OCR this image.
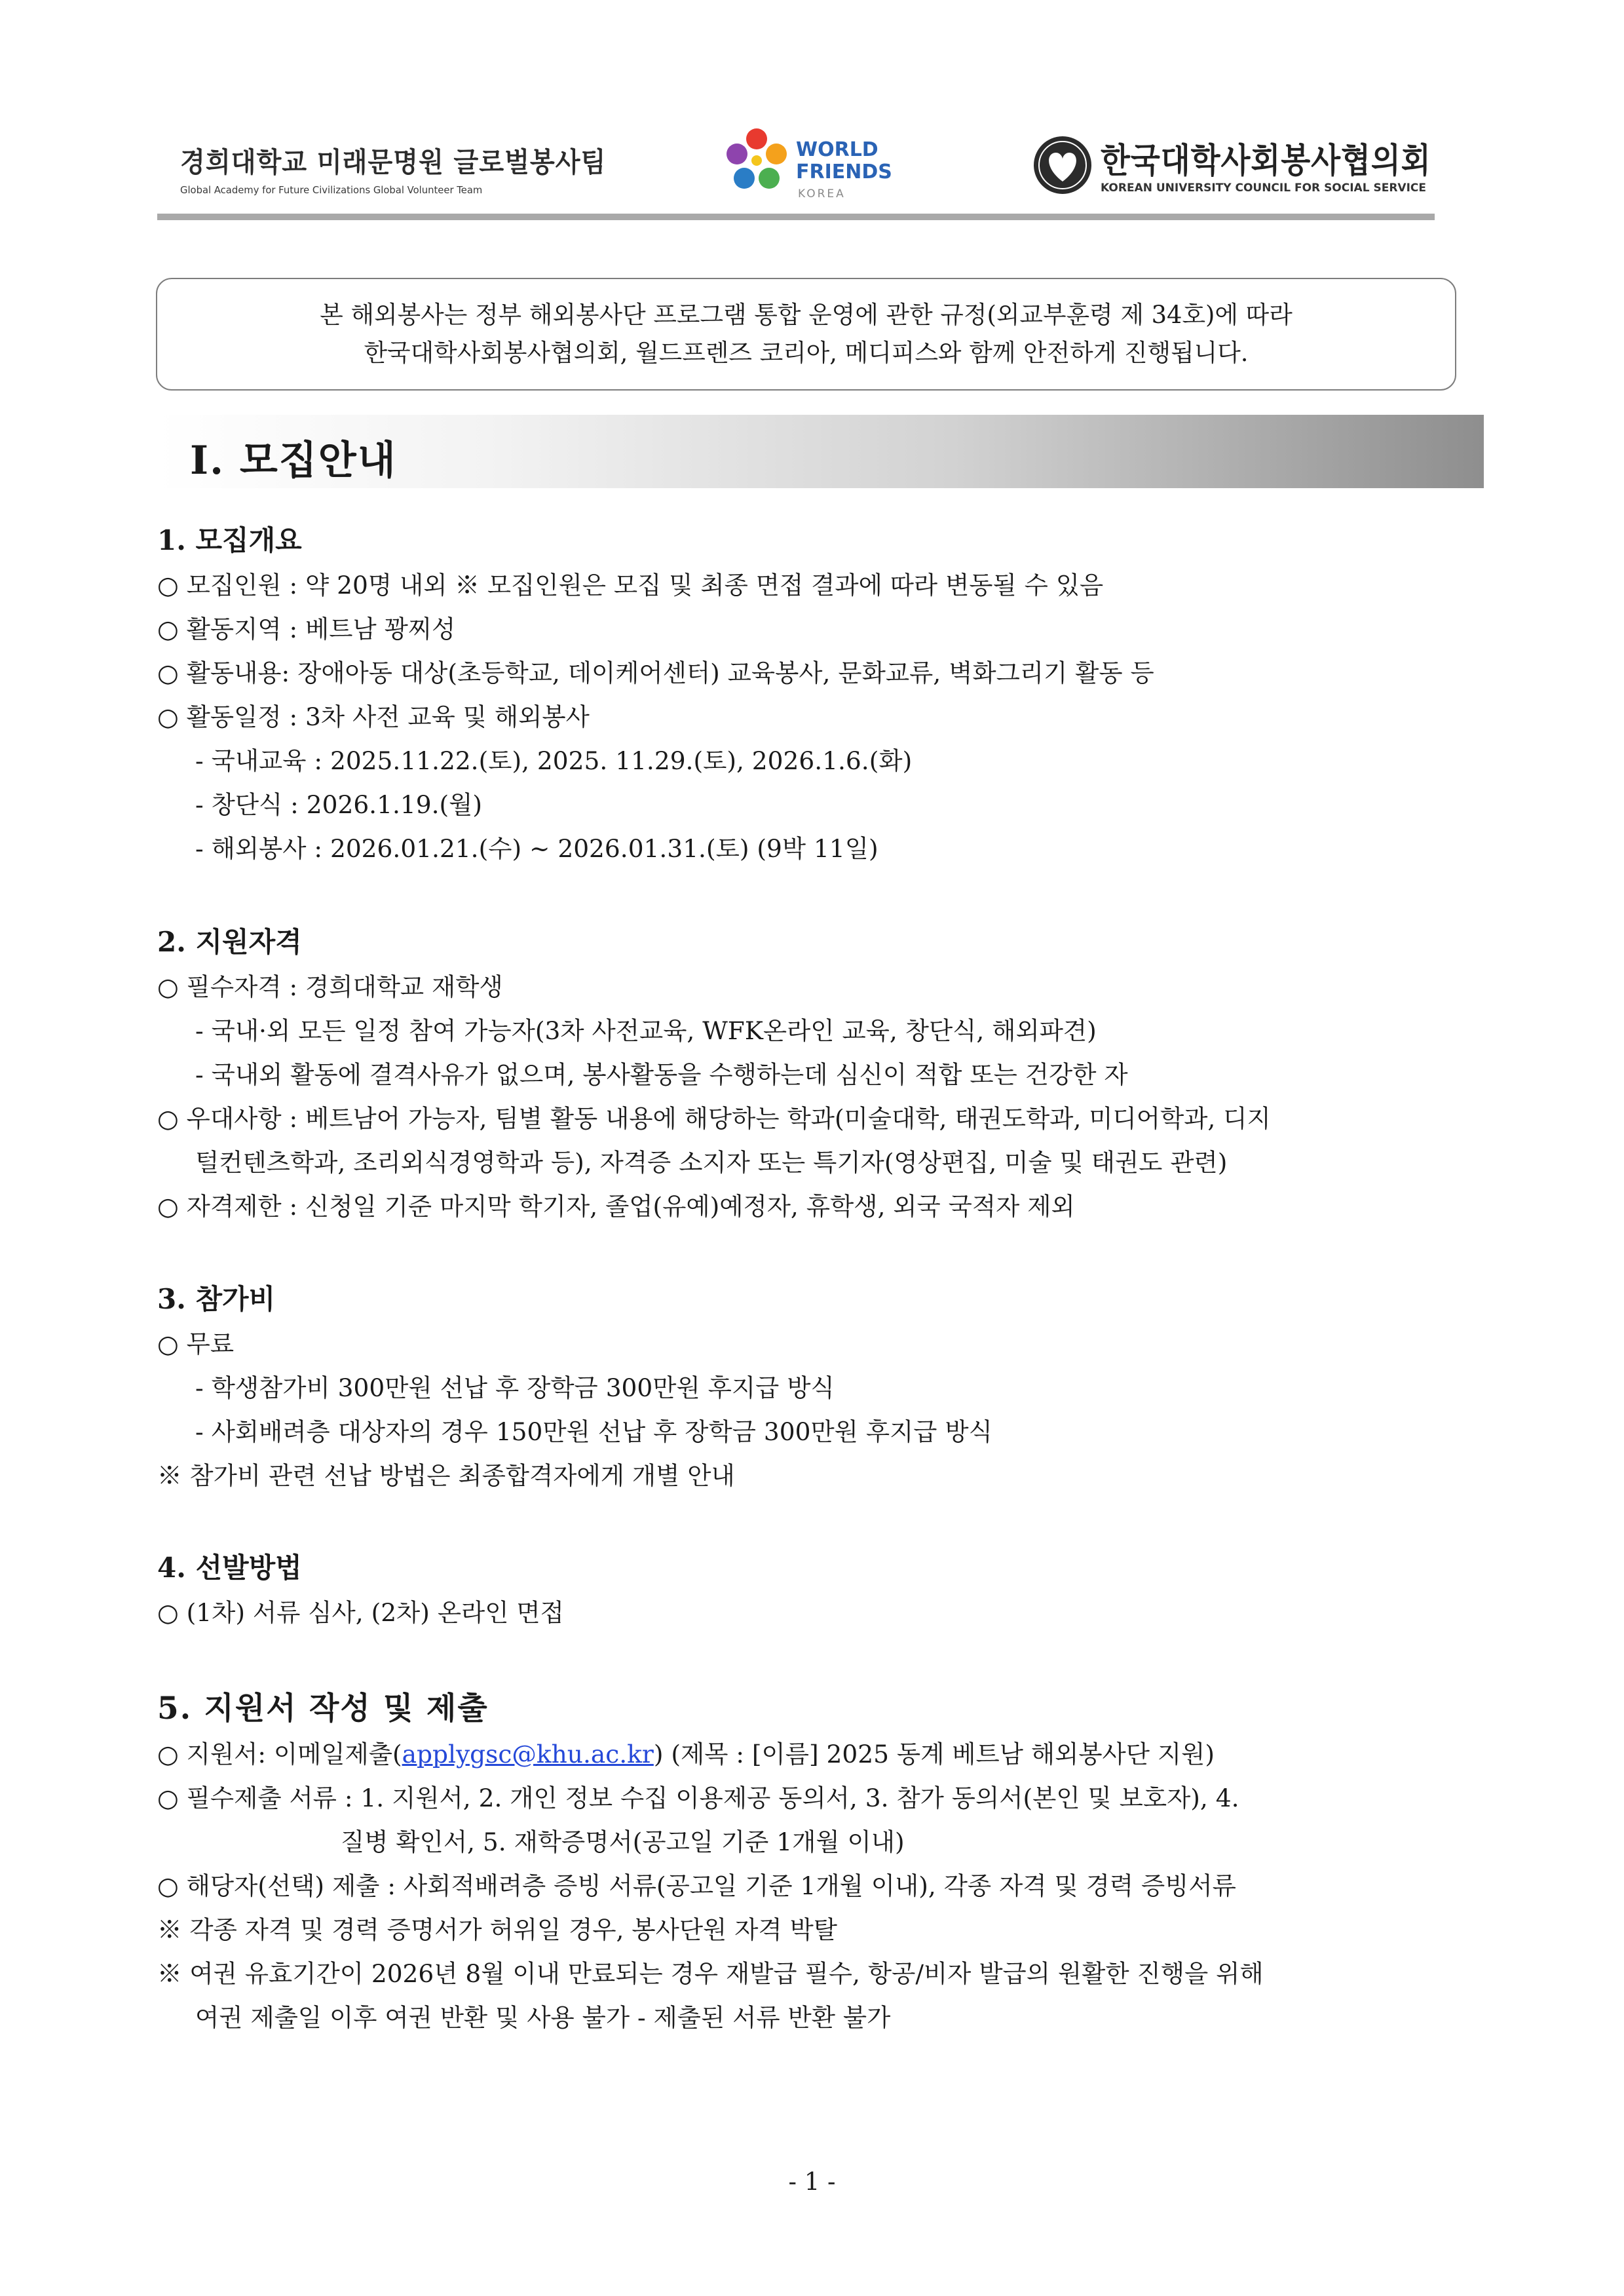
경희대학교 미래문명원 글로벌봉사팀
Global Academy for Future Civilizations Global Volunteer Team
WORLD
FRIENDS
KOREA
한국대학사회봉사협의회
KOREAN UNIVERSITY COUNCIL FOR SOCIAL SERVICE
본 해외봉사는 정부 해외봉사단 프로그램 통합 운영에 관한 규정(외교부훈령 제 34호)에 따라
한국대학사회봉사협의회, 월드프렌즈 코리아, 메디피스와 함께 안전하게 진행됩니다.
Ⅰ. 모집안내
1. 모집개요
○ 모집인원 : 약 20명 내외 ※ 모집인원은 모집 및 최종 면접 결과에 따라 변동될 수 있음
○ 활동지역 : 베트남 꽝찌성
○ 활동내용: 장애아동 대상(초등학교, 데이케어센터) 교육봉사, 문화교류, 벽화그리기 활동 등
○ 활동일정 : 3차 사전 교육 및 해외봉사
- 국내교육 : 2025.11.22.(토), 2025. 11.29.(토), 2026.1.6.(화)
- 창단식 : 2026.1.19.(월)
- 해외봉사 : 2026.01.21.(수) ~ 2026.01.31.(토) (9박 11일)
2. 지원자격
○ 필수자격 : 경희대학교 재학생
- 국내·외 모든 일정 참여 가능자(3차 사전교육, WFK온라인 교육, 창단식, 해외파견)
- 국내외 활동에 결격사유가 없으며, 봉사활동을 수행하는데 심신이 적합 또는 건강한 자
○ 우대사항 : 베트남어 가능자, 팀별 활동 내용에 해당하는 학과(미술대학, 태권도학과, 미디어학과, 디지
털컨텐츠학과, 조리외식경영학과 등), 자격증 소지자 또는 특기자(영상편집, 미술 및 태권도 관련)
○ 자격제한 : 신청일 기준 마지막 학기자, 졸업(유예)예정자, 휴학생, 외국 국적자 제외
3. 참가비
○ 무료
- 학생참가비 300만원 선납 후 장학금 300만원 후지급 방식
- 사회배려층 대상자의 경우 150만원 선납 후 장학금 300만원 후지급 방식
※ 참가비 관련 선납 방법은 최종합격자에게 개별 안내
4. 선발방법
○ (1차) 서류 심사, (2차) 온라인 면접
5. 지원서 작성 및 제출
○ 지원서: 이메일제출(applygsc@khu.ac.kr) (제목 : [이름] 2025 동계 베트남 해외봉사단 지원)
○ 필수제출 서류 : 1. 지원서, 2. 개인 정보 수집 이용제공 동의서, 3. 참가 동의서(본인 및 보호자), 4.
질병 확인서, 5. 재학증명서(공고일 기준 1개월 이내)
○ 해당자(선택) 제출 : 사회적배려층 증빙 서류(공고일 기준 1개월 이내), 각종 자격 및 경력 증빙서류
※ 각종 자격 및 경력 증명서가 허위일 경우, 봉사단원 자격 박탈
※ 여권 유효기간이 2026년 8월 이내 만료되는 경우 재발급 필수, 항공/비자 발급의 원활한 진행을 위해
여권 제출일 이후 여권 반환 및 사용 불가 - 제출된 서류 반환 불가
- 1 -
